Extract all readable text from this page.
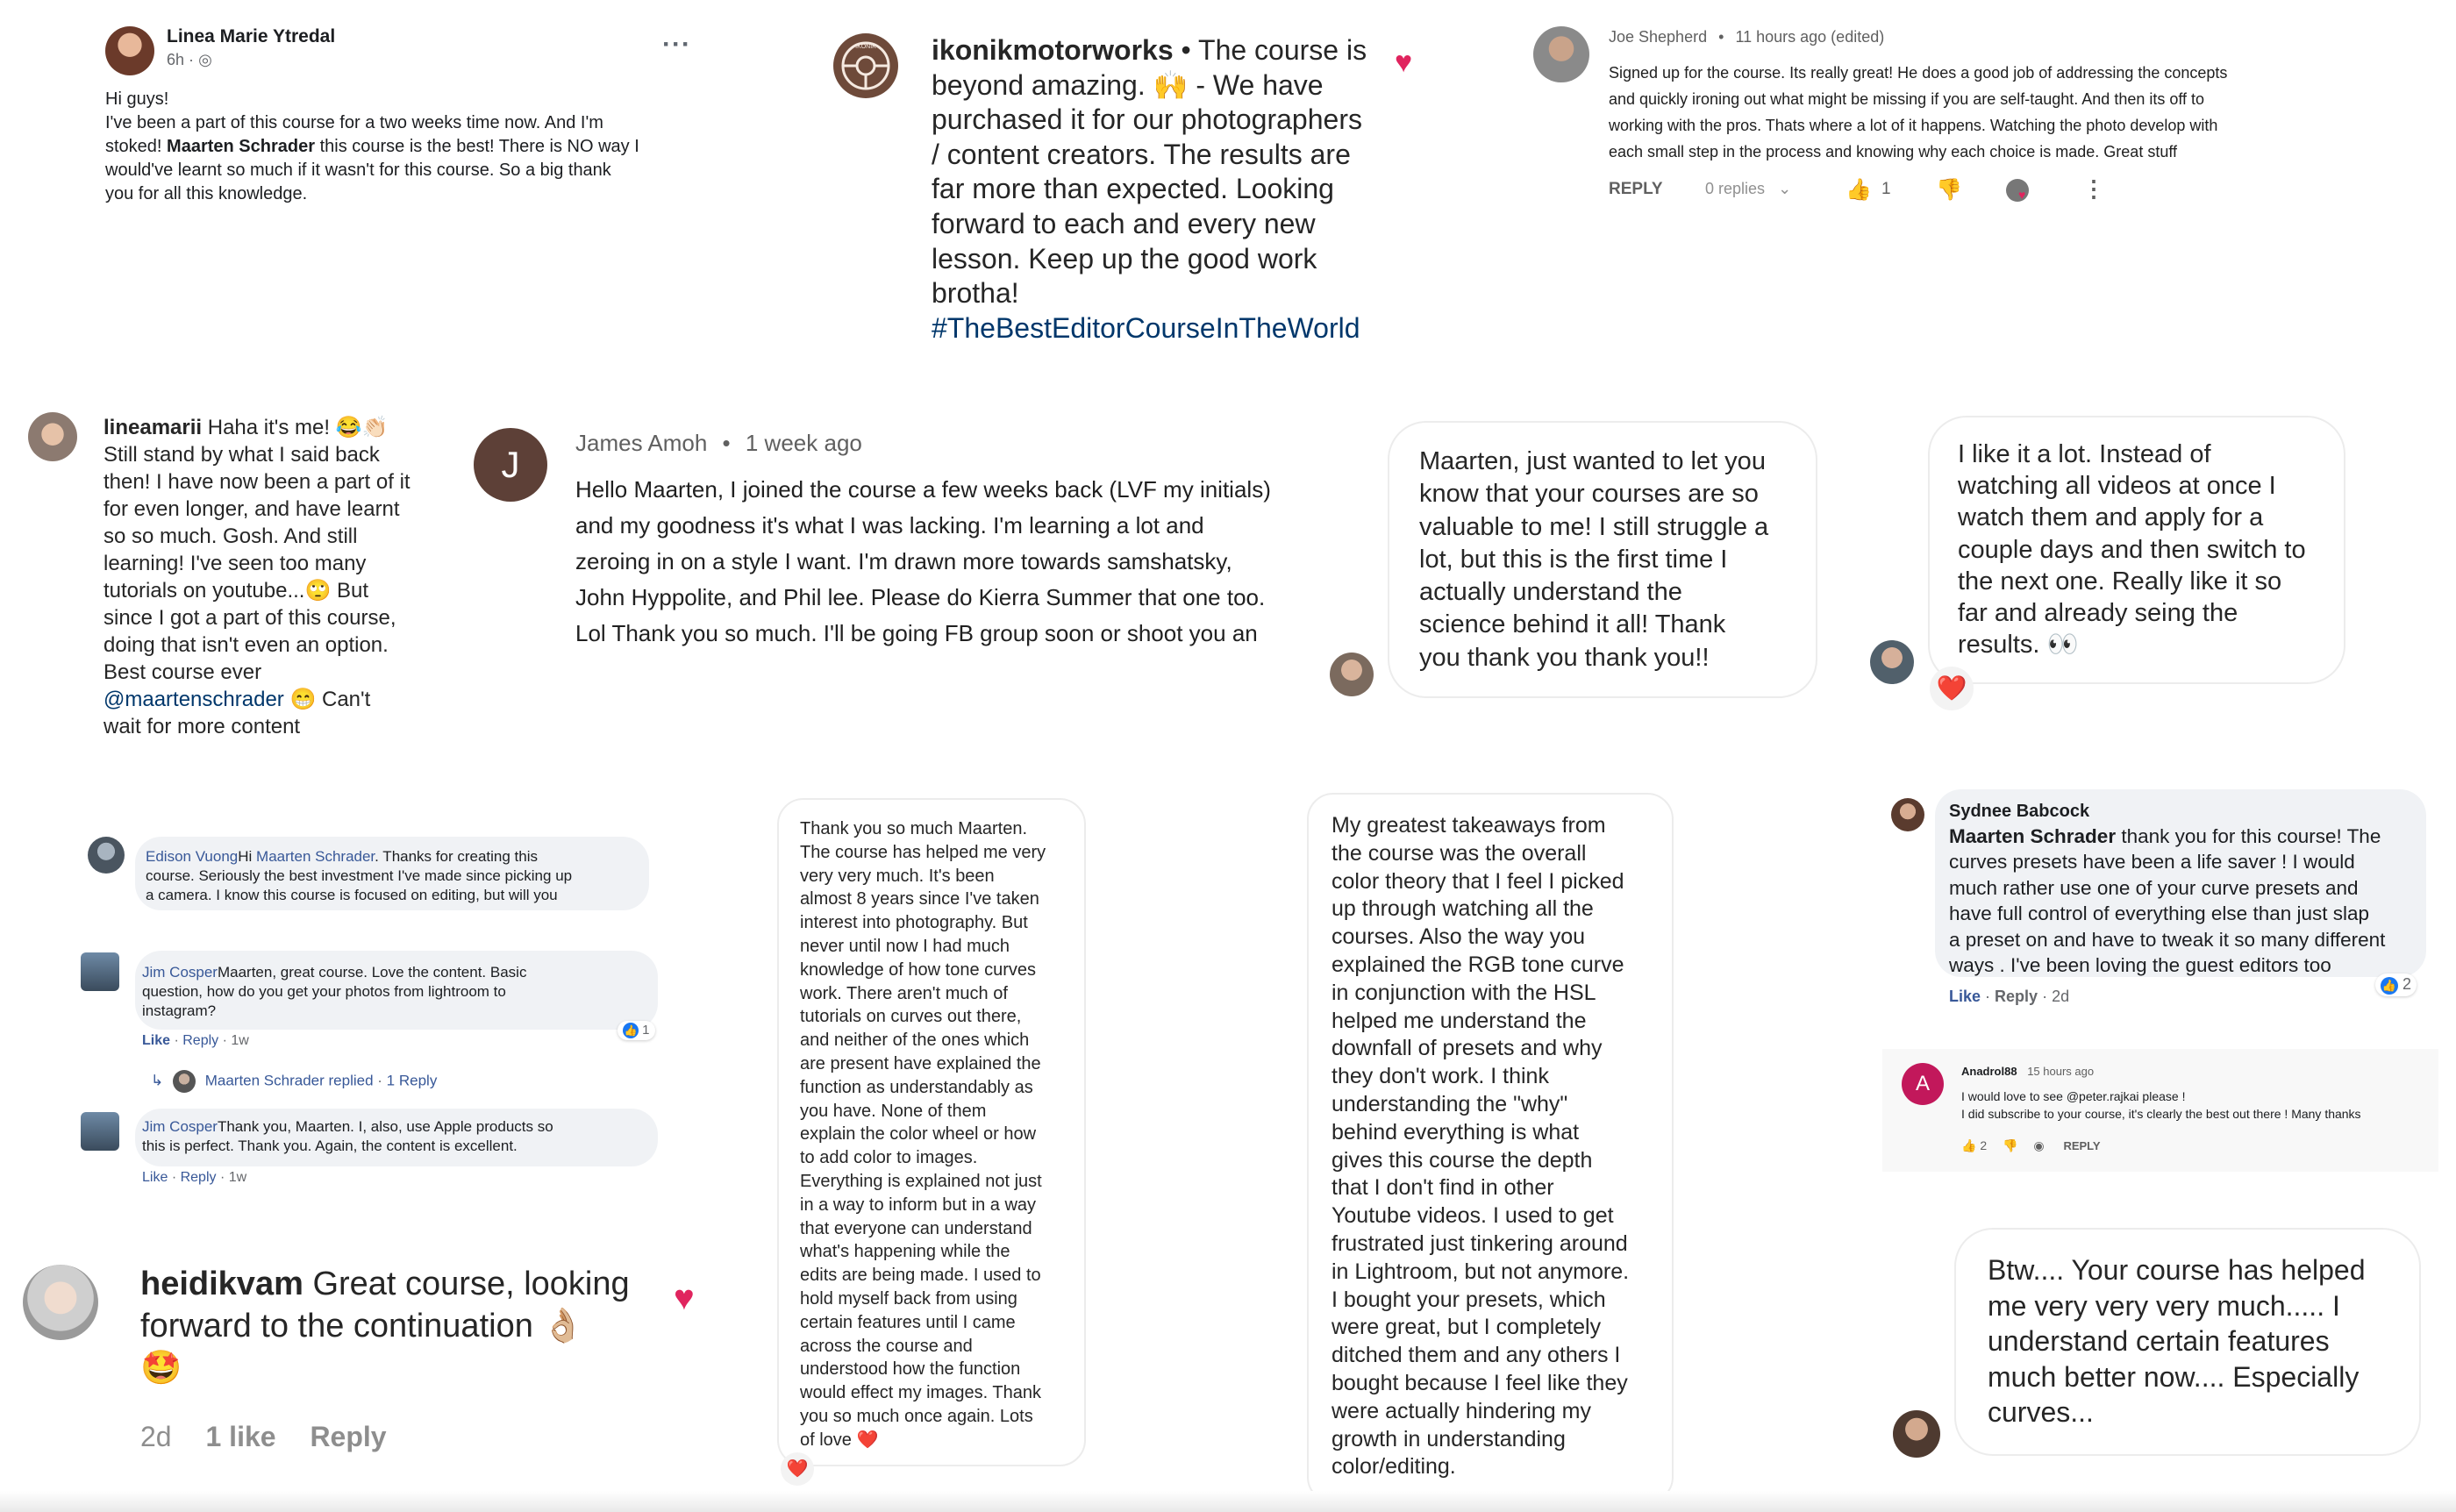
Linea Marie Ytredal
6h · ◎
···
Hi guys!
I've been a part of this course for a two weeks time now. And I'm
stoked! Maarten Schrader this course is the best! There is NO way I
would've learnt so much if it wasn't for this course. So a big thank
you for all this knowledge.
IKONIK ikonikmotorworks • The course is
beyond amazing. 🙌 - We have
purchased it for our photographers
/ content creators. The results are
far more than expected. Looking
forward to each and every new
lesson. Keep up the good work
brotha!
#TheBestEditorCourseInTheWorld
♥
Joe Shepherd • 11 hours ago (edited)
Signed up for the course. Its really great! He does a good job of addressing the concepts
and quickly ironing out what might be missing if you are self-taught. And then its off to
working with the pros. Thats where a lot of it happens. Watching the photo develop with
each small step in the process and knowing why each choice is made. Great stuff
REPLY	0 replies ⌄	👍 1 👎	♥ ⋮
lineamarii Haha it's me! 😂👏🏻
Still stand by what I said back
then! I have now been a part of it
for even longer, and have learnt
so so much. Gosh. And still
learning! I've seen too many
tutorials on youtube...🙄 But
since I got a part of this course,
doing that isn't even an option.
Best course ever
@maartenschrader 😁 Can't
wait for more content
J
James Amoh • 1 week ago
Hello Maarten, I joined the course a few weeks back (LVF my initials)
and my goodness it's what I was lacking. I'm learning a lot and
zeroing in on a style I want. I'm drawn more towards samshatsky,
John Hyppolite, and Phil lee. Please do Kierra Summer that one too.
Lol Thank you so much. I'll be going FB group soon or shoot you an
Maarten, just wanted to let you
know that your courses are so
valuable to me! I still struggle a
lot, but this is the first time I
actually understand the
science behind it all! Thank
you thank you thank you!!
I like it a lot. Instead of
watching all videos at once I
watch them and apply for a
couple days and then switch to
the next one. Really like it so
far and already seing the
results. 👀
❤️
Edison VuongHi Maarten Schrader. Thanks for creating this
course. Seriously the best investment I've made since picking up
a camera. I know this course is focused on editing, but will you
Jim CosperMaarten, great course. Love the content. Basic
question, how do you get your photos from lightroom to
instagram?
Like · Reply · 1w
👍 1
↳	Maarten Schrader replied · 1 Reply
Jim CosperThank you, Maarten. I, also, use Apple products so
this is perfect. Thank you. Again, the content is excellent.
Like · Reply · 1w
heidikvam Great course, looking
forward to the continuation 👌🏼
🤩
2d 1 like Reply
♥
Thank you so much Maarten.
The course has helped me very
very very much. It's been
almost 8 years since I've taken
interest into photography. But
never until now I had much
knowledge of how tone curves
work. There aren't much of
tutorials on curves out there,
and neither of the ones which
are present have explained the
function as understandably as
you have. None of them
explain the color wheel or how
to add color to images.
Everything is explained not just
in a way to inform but in a way
that everyone can understand
what's happening while the
edits are being made. I used to
hold myself back from using
certain features until I came
across the course and
understood how the function
would effect my images. Thank
you so much once again. Lots
of love ❤️
❤️
My greatest takeaways from
the course was the overall
color theory that I feel I picked
up through watching all the
courses. Also the way you
explained the RGB tone curve
in conjunction with the HSL
helped me understand the
downfall of presets and why
they don't work. I think
understanding the "why"
behind everything is what
gives this course the depth
that I don't find in other
Youtube videos. I used to get
frustrated just tinkering around
in Lightroom, but not anymore.
I bought your presets, which
were great, but I completely
ditched them and any others I
bought because I feel like they
were actually hindering my
growth in understanding
color/editing.
Sydnee Babcock
Maarten Schrader thank you for this course! The
curves presets have been a life saver ! I would
much rather use one of your curve presets and
have full control of everything else than just slap
a preset on and have to tweak it so many different
ways . I've been loving the guest editors too
Like · Reply · 2d
👍 2
A
Anadrol88 15 hours ago
I would love to see @peter.rajkai please !
I did subscribe to your course, it's clearly the best out there ! Many thanks
👍 2 👎 ◉ REPLY
Btw.... Your course has helped
me very very very much..... I
understand certain features
much better now.... Especially
curves...
